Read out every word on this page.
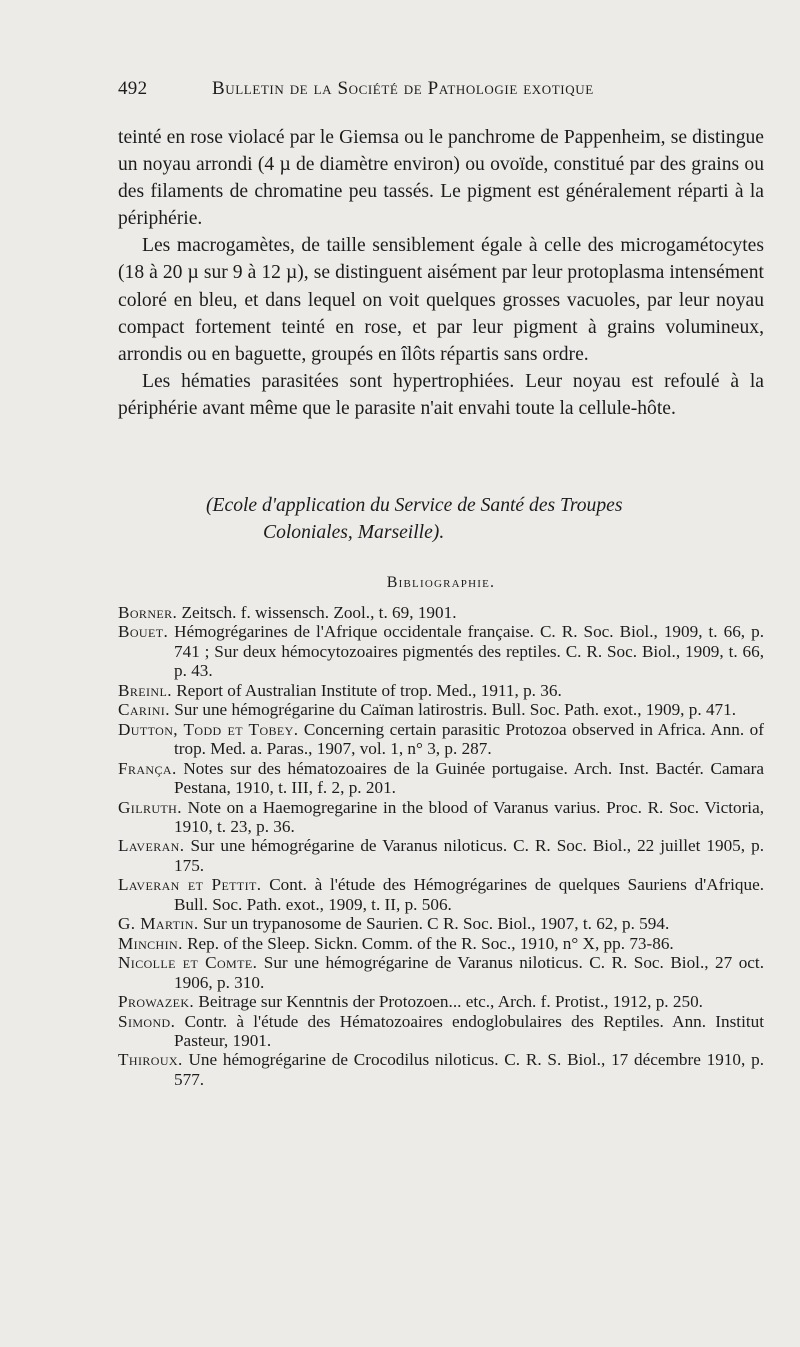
492	Bulletin de la Société de Pathologie exotique

teinté en rose violacé par le Giemsa ou le panchrome de Pappenheim, se distingue un noyau arrondi (4 µ de diamètre environ) ou ovoïde, constitué par des grains ou des filaments de chromatine peu tassés. Le pigment est généralement réparti à la périphérie.

Les macrogamètes, de taille sensiblement égale à celle des microgamétocytes (18 à 20 µ sur 9 à 12 µ), se distinguent aisément par leur protoplasma intensément coloré en bleu, et dans lequel on voit quelques grosses vacuoles, par leur noyau compact fortement teinté en rose, et par leur pigment à grains volumineux, arrondis ou en baguette, groupés en îlôts répartis sans ordre.

Les hématies parasitées sont hypertrophiées. Leur noyau est refoulé à la périphérie avant même que le parasite n'ait envahi toute la cellule-hôte.

(Ecole d'application du Service de Santé des Troupes
Coloniales, Marseille).
Bibliographie.
Borner. Zeitsch. f. wissensch. Zool., t. 69, 1901.
Bouet. Hémogrégarines de l'Afrique occidentale française. C. R. Soc. Biol., 1909, t. 66, p. 741 ; Sur deux hémocytozoaires pigmentés des reptiles. C. R. Soc. Biol., 1909, t. 66, p. 43.
Breinl. Report of Australian Institute of trop. Med., 1911, p. 36.
Carini. Sur une hémogrégarine du Caïman latirostris. Bull. Soc. Path. exot., 1909, p. 471.
Dutton, Todd et Tobey. Concerning certain parasitic Protozoa observed in Africa. Ann. of trop. Med. a. Paras., 1907, vol. 1, n° 3, p. 287.
França. Notes sur des hématozoaires de la Guinée portugaise. Arch. Inst. Bactér. Camara Pestana, 1910, t. III, f. 2, p. 201.
Gilruth. Note on a Haemogregarine in the blood of Varanus varius. Proc. R. Soc. Victoria, 1910, t. 23, p. 36.
Laveran. Sur une hémogrégarine de Varanus niloticus. C. R. Soc. Biol., 22 juillet 1905, p. 175.
Laveran et Pettit. Cont. à l'étude des Hémogrégarines de quelques Sauriens d'Afrique. Bull. Soc. Path. exot., 1909, t. II, p. 506.
G. Martin. Sur un trypanosome de Saurien. C R. Soc. Biol., 1907, t. 62, p. 594.
Minchin. Rep. of the Sleep. Sickn. Comm. of the R. Soc., 1910, n° X, pp. 73-86.
Nicolle et Comte. Sur une hémogrégarine de Varanus niloticus. C. R. Soc. Biol., 27 oct. 1906, p. 310.
Prowazek. Beitrage sur Kenntnis der Protozoen... etc., Arch. f. Protist., 1912, p. 250.
Simond. Contr. à l'étude des Hématozoaires endoglobulaires des Reptiles. Ann. Institut Pasteur, 1901.
Thiroux. Une hémogrégarine de Crocodilus niloticus. C. R. S. Biol., 17 décembre 1910, p. 577.
